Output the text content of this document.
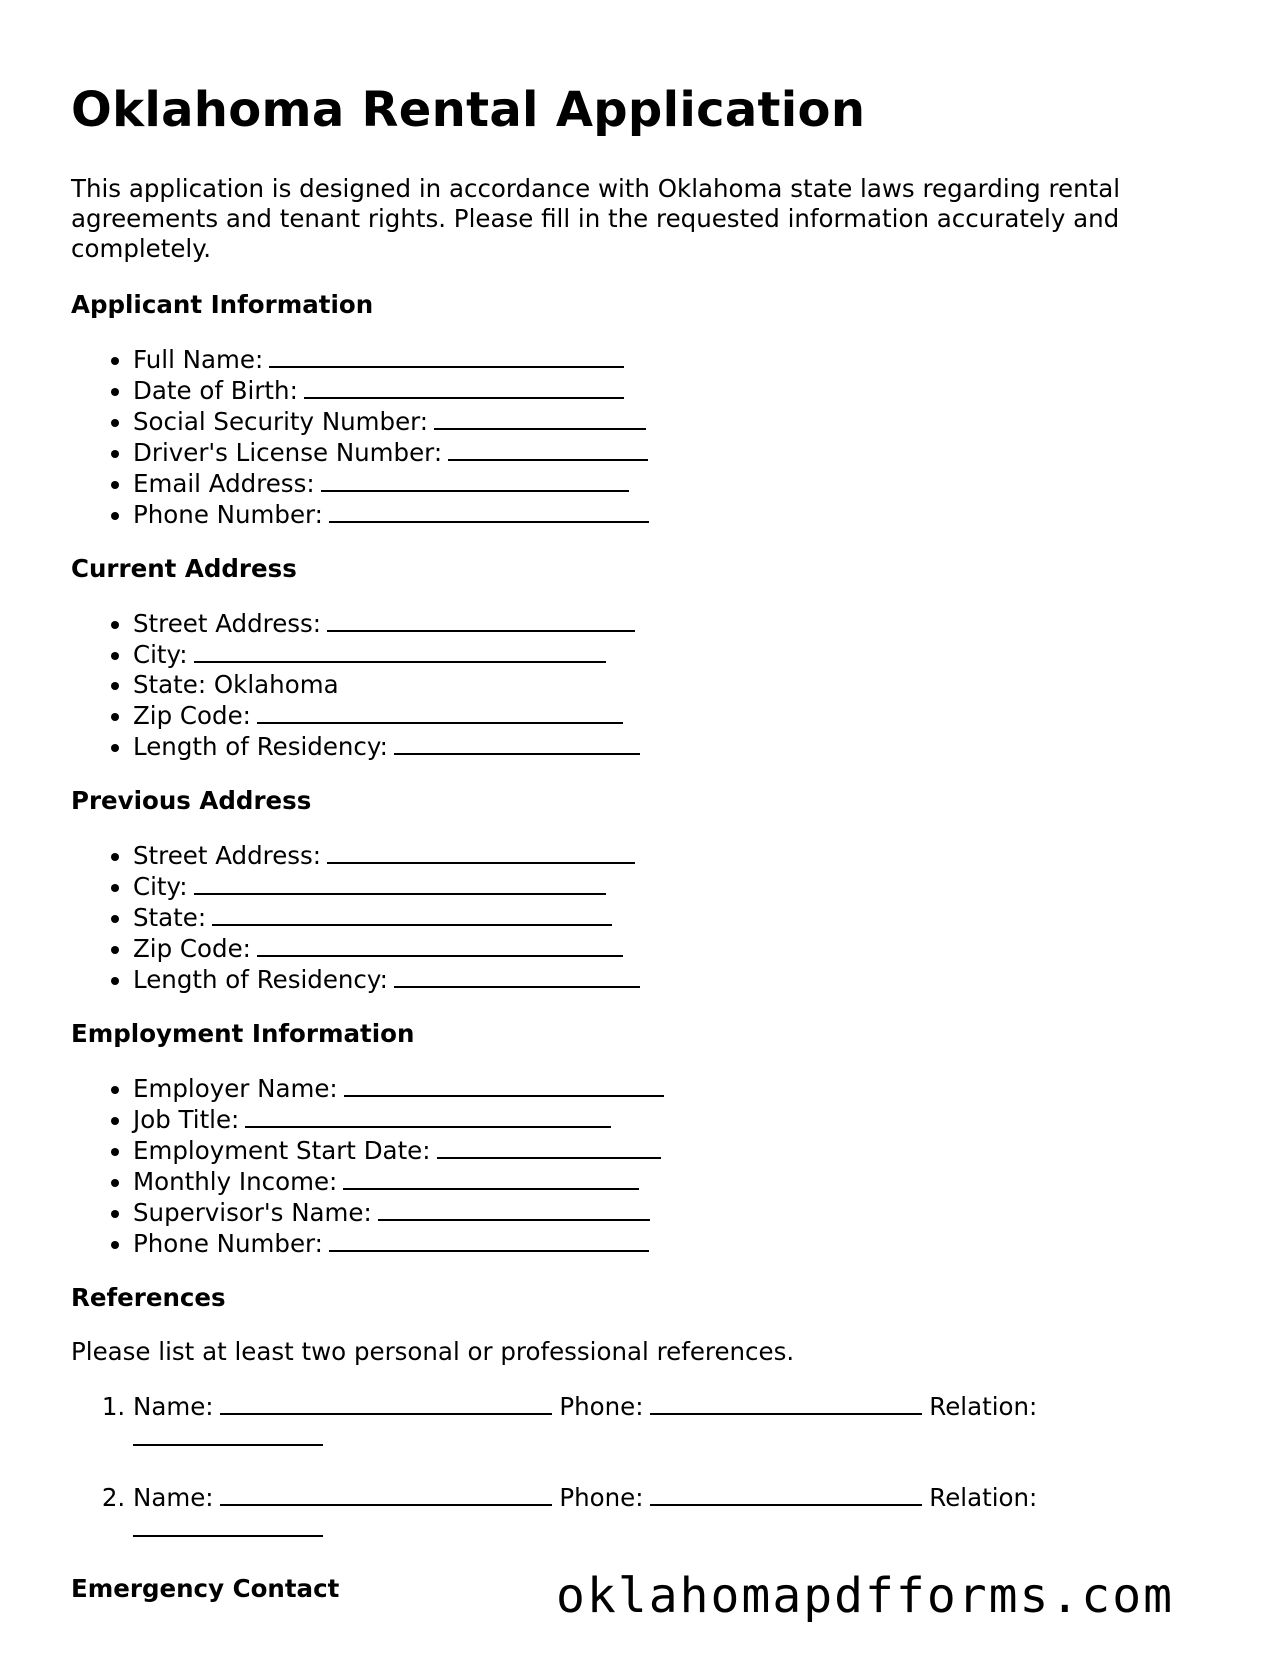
Oklahoma Rental Application

This application is designed in accordance with Oklahoma state laws regarding rental agreements and tenant rights. Please fill in the requested information accurately and completely.

Applicant Information
• Full Name:
• Date of Birth:
• Social Security Number:
• Driver's License Number:
• Email Address:
• Phone Number:
Current Address
• Street Address:
• City:
• State: Oklahoma
• Zip Code:
• Length of Residency:
Previous Address
• Street Address:
• City:
• State:
• Zip Code:
• Length of Residency:
Employment Information
• Employer Name:
• Job Title:
• Employment Start Date:
• Monthly Income:
• Supervisor's Name:
• Phone Number:
References

Please list at least two personal or professional references.

1. Name:	Phone:	Relation:
2. Name:	Phone:	Relation:
Emergency Contact	oklahomapdfforms.com
